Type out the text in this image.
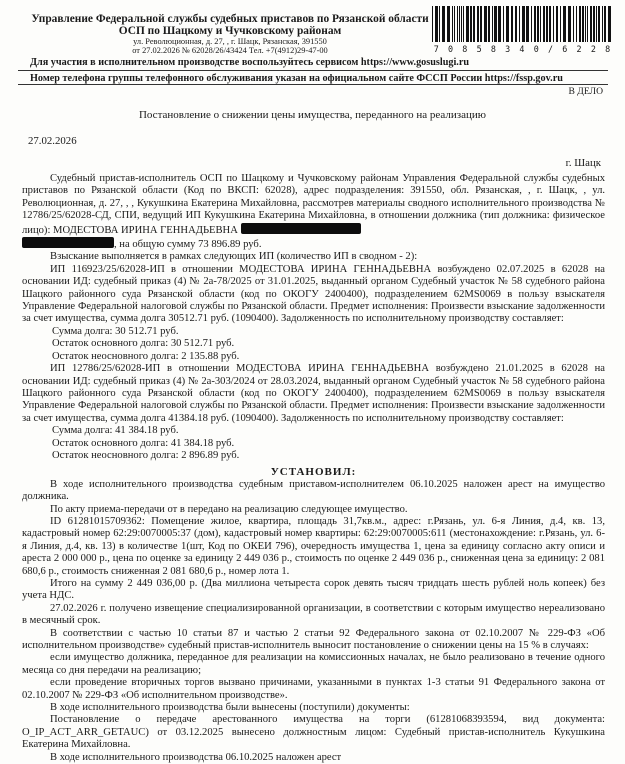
Управление Федеральной службы судебных приставов по Рязанской области
ОСП по Шацкому и Чучковскому районам
ул. Революционная, д. 27, , г. Шацк, Рязанская, 391550
от 27.02.2026 № 62028/26/43424 Тел. +7(4912)29-47-00	7 0 8 5 8 3 4 0 / 6 2 2 8
Для участия в исполнительном производстве воспользуйтесь сервисом https://www.gosuslugi.ru
Номер телефона группы телефонного обслуживания указан на официальном сайте ФССП России https://fssp.gov.ru
В ДЕЛО
Постановление о снижении цены имущества, переданного на реализацию
27.02.2026
г. Шацк

Судебный пристав-исполнитель ОСП по Шацкому и Чучковскому районам Управления Федеральной службы судебных приставов по Рязанской области (Код по ВКСП: 62028), адрес подразделения: 391550, обл. Рязанская, , г. Шацк, , ул. Революционная, д. 27, , , Кукушкина Екатерина Михайловна, рассмотрев материалы сводного исполнительного производства № 12786/25/62028-СД, СПИ, ведущий ИП Кукушкина Екатерина Михайловна, в отношении должника (тип должника: физическое лицо): МОДЕСТОВА ИРИНА ГЕННАДЬЕВНА
, на общую сумму 73 896.89 руб.

Взыскание выполняется в рамках следующих ИП (количество ИП в сводном - 2):

ИП 116923/25/62028-ИП в отношении МОДЕСТОВА ИРИНА ГЕННАДЬЕВНА возбуждено 02.07.2025 в 62028 на основании ИД: судебный приказ (4) № 2а-78/2025 от 31.01.2025, выданный органом Судебный участок № 58 судебного района Шацкого районного суда Рязанской области (код по ОКОГУ 2400400), подразделением 62MS0069 в пользу взыскателя Управление Федеральной налоговой службы по Рязанской области. Предмет исполнения: Произвести взыскание задолженности за счет имущества, сумма долга 30512.71 руб. (1090400). Задолженность по исполнительному производству составляет:

Сумма долга: 30 512.71 руб.

Остаток основного долга: 30 512.71 руб.

Остаток неосновного долга: 2 135.88 руб.

ИП 12786/25/62028-ИП в отношении МОДЕСТОВА ИРИНА ГЕННАДЬЕВНА возбуждено 21.01.2025 в 62028 на основании ИД: судебный приказ (4) № 2а-303/2024 от 28.03.2024, выданный органом Судебный участок № 58 судебного района Шацкого районного суда Рязанской области (код по ОКОГУ 2400400), подразделением 62MS0069 в пользу взыскателя Управление Федеральной налоговой службы по Рязанской области. Предмет исполнения: Произвести взыскание задолженности за счет имущества, сумма долга 41384.18 руб. (1090400). Задолженность по исполнительному производству составляет:

Сумма долга: 41 384.18 руб.

Остаток основного долга: 41 384.18 руб.

Остаток неосновного долга: 2 896.89 руб.

УСТАНОВИЛ:

В ходе исполнительного производства судебным приставом-исполнителем 06.10.2025 наложен арест на имущество должника.

По акту приема-передачи от в передано на реализацию следующее имущество.

ID 61281015709362: Помещение жилое, квартира, площадь 31,7кв.м., адрес: г.Рязань, ул. 6-я Линия, д.4, кв. 13, кадастровый номер 62:29:0070005:37 (дом), кадастровый номер квартиры: 62:29:0070005:611 (местонахождение: г.Рязань, ул. 6-я Линия, д.4, кв. 13) в количестве 1(шт, Код по ОКЕИ 796), очередность имущества 1, цена за единицу согласно акту описи и ареста 2 000 000 р., цена по оценке за единицу 2 449 036 р., стоимость по оценке 2 449 036 р., сниженная цена за единицу: 2 081 680,6 р., стоимость сниженная 2 081 680,6 р., номер лота 1.

Итого на сумму 2 449 036,00 р. (Два миллиона четыреста сорок девять тысяч тридцать шесть рублей ноль копеек) без учета НДС.

27.02.2026 г. получено извещение специализированной организации, в соответствии с которым имущество нереализовано в месячный срок.

В соответствии с частью 10 статьи 87 и частью 2 статьи 92 Федерального закона от 02.10.2007 № 229-ФЗ «Об исполнительном производстве» судебный пристав-исполнитель выносит постановление о снижении цены на 15 % в случаях:

если имущество должника, переданное для реализации на комиссионных началах, не было реализовано в течение одного месяца со дня передачи на реализацию;

если проведение вторичных торгов вызвано причинами, указанными в пунктах 1-3 статьи 91 Федерального закона от 02.10.2007 № 229-ФЗ «Об исполнительном производстве».

В ходе исполнительного производства были вынесены (поступили) документы:

Постановление о передаче арестованного имущества на торги (61281068393594, вид документа: O_IP_ACT_ARR_GETAUC) от 03.12.2025 вынесено должностным лицом: Судебный пристав-исполнитель Кукушкина Екатерина Михайловна.

В ходе исполнительного производства 06.10.2025 наложен арест
